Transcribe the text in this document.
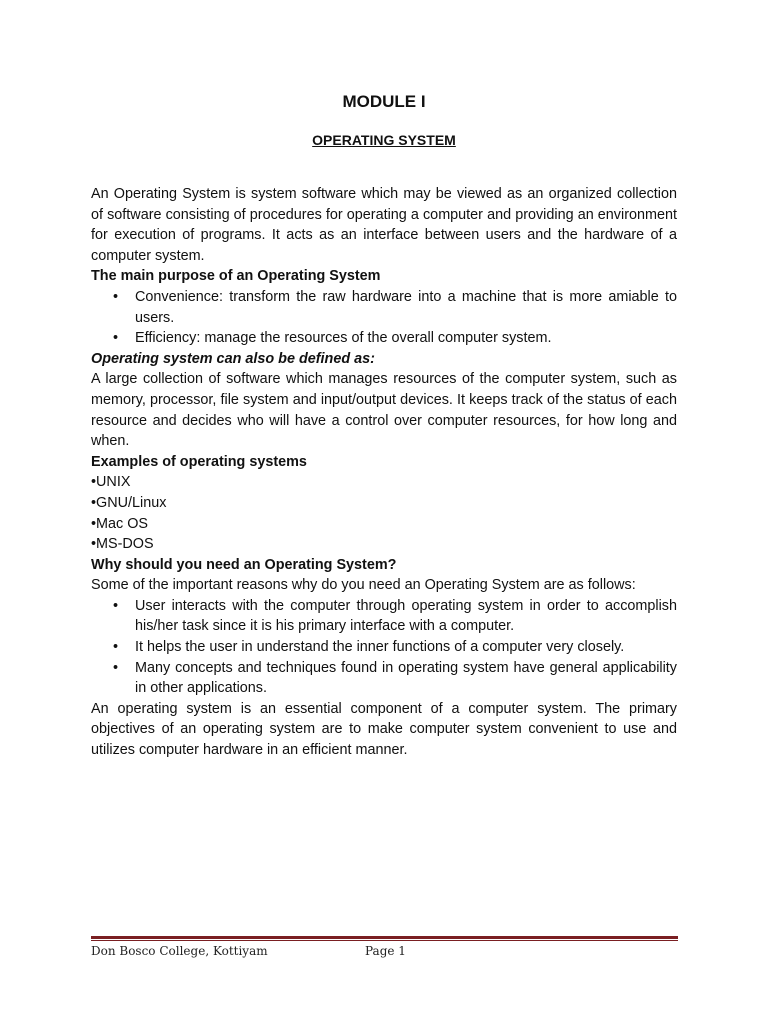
MODULE I
OPERATING SYSTEM

An Operating System is system software which may be viewed as an organized collection of software consisting of procedures for operating a computer and providing an environment for execution of programs. It acts as an interface between users and the hardware of a computer system.

The main purpose of an Operating System

• Convenience: transform the raw hardware into a machine that is more amiable to users.
• Efficiency: manage the resources of the overall computer system.

Operating system can also be defined as:

A large collection of software which manages resources of the computer system, such as memory, processor, file system and input/output devices. It keeps track of the status of each resource and decides who will have a control over computer resources, for how long and when.

Examples of operating systems

•UNIX

•GNU/Linux

•Mac OS

•MS-DOS

Why should you need an Operating System?

Some of the important reasons why do you need an Operating System are as follows:

• User interacts with the computer through operating system in order to accomplish his/her task since it is his primary interface with a computer.
• It helps the user in understand the inner functions of a computer very closely.
• Many concepts and techniques found in operating system have general applicability in other applications.

An operating system is an essential component of a computer system. The primary objectives of an operating system are to make computer system convenient to use and utilizes computer hardware in an efficient manner.

Don Bosco College, Kottiyam	Page 1
